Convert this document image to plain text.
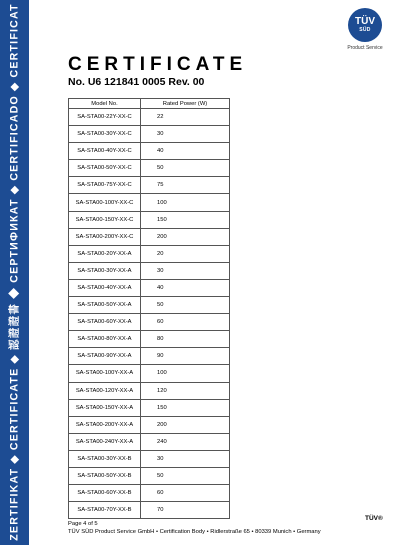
ZERTIFIKAT ◆ CERTIFICATE ◆ 認證證書 ◆ СЕРТИФИКАТ ◆ CERTIFICADO ◆ CERTIFICAT	TÜV
SÜD
Product Service
CERTIFICATE
No. U6 121841 0005 Rev. 00
Model No.	Rated Power (W)
SA-STA00-22Y-XX-C	22
SA-STA00-30Y-XX-C	30
SA-STA00-40Y-XX-C	40
SA-STA00-50Y-XX-C	50
SA-STA00-75Y-XX-C	75
SA-STA00-100Y-XX-C	100
SA-STA00-150Y-XX-C	150
SA-STA00-200Y-XX-C	200
SA-STA00-20Y-XX-A	20
SA-STA00-30Y-XX-A	30
SA-STA00-40Y-XX-A	40
SA-STA00-50Y-XX-A	50
SA-STA00-60Y-XX-A	60
SA-STA00-80Y-XX-A	80
SA-STA00-90Y-XX-A	90
SA-STA00-100Y-XX-A	100
SA-STA00-120Y-XX-A	120
SA-STA00-150Y-XX-A	150
SA-STA00-200Y-XX-A	200
SA-STA00-240Y-XX-A	240
SA-STA00-30Y-XX-B	30
SA-STA00-50Y-XX-B	50
SA-STA00-60Y-XX-B	60
SA-STA00-70Y-XX-B	70
Page 4 of 5
TÜV SÜD Product Service GmbH • Certification Body • Ridlerstraße 65 • 80339 Munich • Germany
TÜV®
